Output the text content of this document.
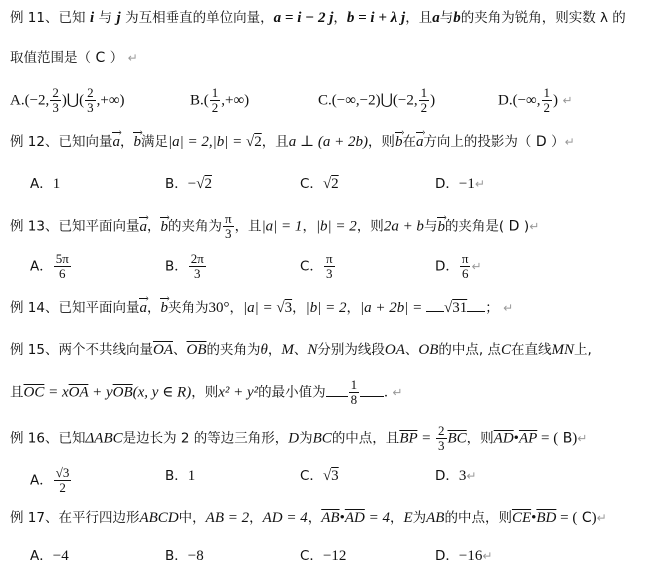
例 11、已知 i 与 j 为互相垂直的单位向量，a = i − 2 j，b = i + λ j，且a与b的夹角为锐角，则实数 λ 的
取值范围是（ C ） ↵
A.(−2, $\frac{2}{3}$ )⋃( $\frac{2}{3}$ ,+∞)	$B.( \frac{1}{2}$ ,+∞)	C.(−∞,−2)⋃(−2, $\frac{1}{2}$ )	D.(−∞, $\frac{1}{2}$ ) ↵
例 12、已知向量a ›，b ›满足|a| = 2,|b| = √2，且a ⊥ (a + 2b)，则b ›在a ›方向上的投影为（ D ）↵
A．1	B．−√2	C．√2	D．−1↵
例 13、已知平面向量a ›，b ›的夹角为 $\frac{\pi}{3}$ ，且|a| = 1，|b| = 2，则2a + b与b ›的夹角是( D )↵
A． $\frac{5\pi}{6}$	B． $\frac{2\pi}{3}$	C． $\frac{\pi}{3}$	D． $\frac{\pi}{6}$ ↵
例 14、已知平面向量a ›，b ›夹角为30°，|a| = √3，|b| = 2，|a + 2b| = √31 ； ↵
例 15、两个不共线向量$\overline{OA}$、$\overline{OB}$的夹角为θ，M、N分别为线段OA、OB的中点, 点C在直线MN上,
且$\overline{OC} = x\overline{OA} + y\overline{OB}(x$, y ∈ R)，则x² + y²的最小值为 $\frac{1}{8}$ . ↵
例 16、已知ΔABC是边长为 2 的等边三角形，D为BC的中点，且$\overline{BP} = \frac{2}{3} \overline{BC}$，则$\overline{AD}•\overline{AP}$ = ( B)↵
A． $\frac{√3}{2}$	B．1	C．√3	D．3↵
例 17、在平行四边形ABCD中，AB = 2，AD = 4，$\overline{AB}•\overline{AD} = 4$，E为AB的中点，则$\overline{CE}•\overline{BD}$ = ( C)↵
A．−4	B．−8	C．−12	D．−16↵
